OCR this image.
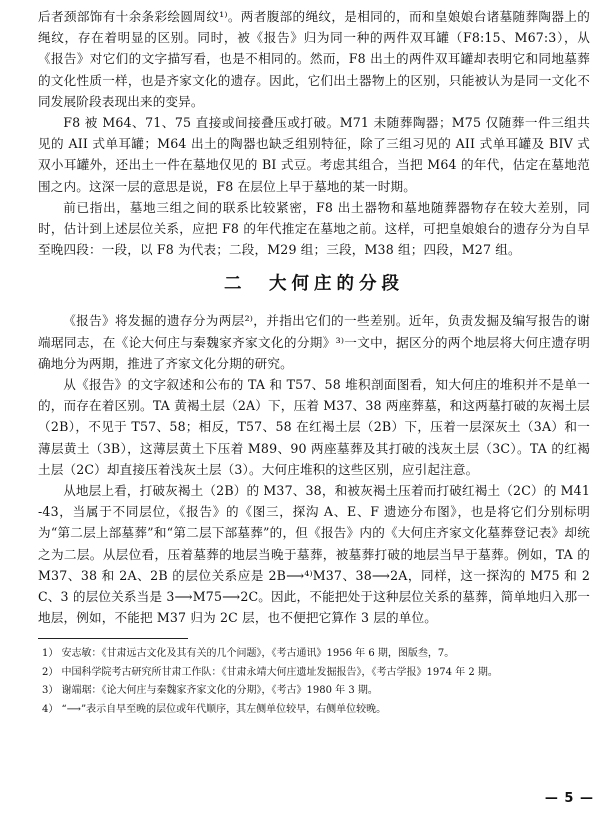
后者颈部饰有十余条彩绘圆周纹¹⁾。两者腹部的绳纹，是相同的，而和皇娘娘台诸墓随葬陶器上的绳纹，存在着明显的区别。同时，被《报告》归为同一种的两件双耳罐（F8:15、M67:3），从《报告》对它们的文字描写看，也是不相同的。然而，F8 出土的两件双耳罐却表明它和同地墓葬的文化性质一样，也是齐家文化的遗存。因此，它们出土器物上的区别，只能被认为是同一文化不同发展阶段表现出来的变异。

F8 被 M64、71、75 直接或间接叠压或打破。M71 未随葬陶器；M75 仅随葬一件三组共见的 AII 式单耳罐；M64 出土的陶器也缺乏组别特征，除了三组习见的 AII 式单耳罐及 BIV 式双小耳罐外，还出土一件在墓地仅见的 BI 式豆。考虑其组合，当把 M64 的年代，估定在墓地范围之内。这深一层的意思是说，F8 在层位上早于墓地的某一时期。

前已指出，墓地三组之间的联系比较紧密，F8 出土器物和墓地随葬器物存在较大差别，同时，估计到上述层位关系，应把 F8 的年代推定在墓地之前。这样，可把皇娘娘台的遗存分为自早至晚四段：一段，以 F8 为代表；二段，M29 组；三段，M38 组；四段，M27 组。

二　大何庄的分段

《报告》将发掘的遗存分为两层²⁾，并指出它们的一些差别。近年，负责发掘及编写报告的谢端琚同志，在《论大何庄与秦魏家齐家文化的分期》³⁾一文中，据区分的两个地层将大何庄遗存明确地分为两期，推进了齐家文化分期的研究。

从《报告》的文字叙述和公布的 TA 和 T57、58 堆积剖面图看，知大何庄的堆积并不是单一的，而存在着区别。TA 黄褐土层（2A）下，压着 M37、38 两座葬墓，和这两墓打破的灰褐土层（2B），不见于 T57、58；相反，T57、58 在红褐土层（2B）下，压着一层深灰土（3A）和一薄层黄土（3B），这薄层黄土下压着 M89、90 两座墓葬及其打破的浅灰土层（3C）。TA 的红褐土层（2C）却直接压着浅灰土层（3）。大何庄堆积的这些区别，应引起注意。

从地层上看，打破灰褐土（2B）的 M37、38，和被灰褐土压着而打破红褐土（2C）的 M41-43，当属于不同层位，《报告》的《图三，探沟 A、E、F 遗迹分布图》，也是将它们分别标明为“第二层上部墓葬”和“第二层下部墓葬”的，但《报告》内的《大何庄齐家文化墓葬登记表》却统之为二层。从层位看，压着墓葬的地层当晚于墓葬，被墓葬打破的地层当早于墓葬。例如，TA 的 M37、38 和 2A、2B 的层位关系应是 2B⟶⁴⁾M37、38⟶2A，同样，这一探沟的 M75 和 2C、3 的层位关系当是 3⟶M75⟶2C。因此，不能把处于这种层位关系的墓葬，简单地归入那一地层，例如，不能把 M37 归为 2C 层，也不便把它算作 3 层的单位。

1） 安志敏：《甘肃远古文化及其有关的几个问题》，《考古通讯》1956 年 6 期，图版叁，7。

2） 中国科学院考古研究所甘肃工作队：《甘肃永靖大何庄遗址发掘报告》，《考古学报》1974 年 2 期。

3） 谢端琚：《论大何庄与秦魏家齐家文化的分期》，《考古》1980 年 3 期。

4） “⟶”表示自早至晚的层位或年代顺序，其左侧单位较早，右侧单位较晚。

— 5 —
